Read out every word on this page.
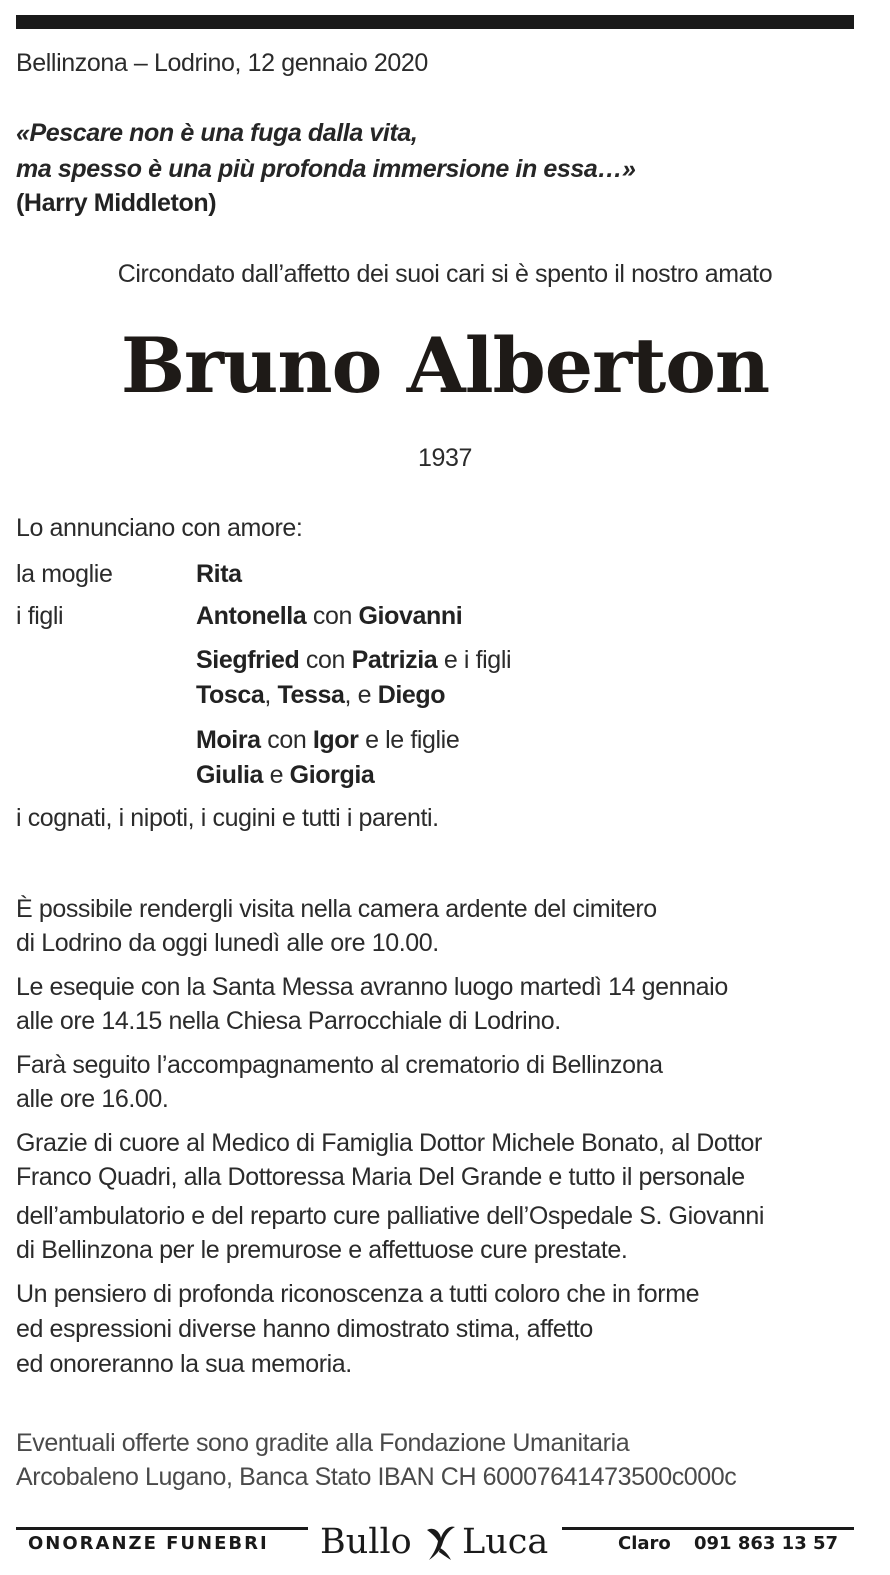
Bellinzona – Lodrino, 12 gennaio 2020
«Pescare non è una fuga dalla vita,
ma spesso è una più profonda immersione in essa…»
(Harry Middleton)
Circondato dall’affetto dei suoi cari si è spento il nostro amato
Bruno Alberton
1937
Lo annunciano con amore:
la moglie	Rita
i figli	Antonella con Giovanni
Siegfried con Patrizia e i figli
Tosca, Tessa, e Diego
Moira con Igor e le figlie
Giulia e Giorgia
i cognati, i nipoti, i cugini e tutti i parenti.
È possibile rendergli visita nella camera ardente del cimitero
di Lodrino da oggi lunedì alle ore 10.00.
Le esequie con la Santa Messa avranno luogo martedì 14 gennaio
alle ore 14.15 nella Chiesa Parrocchiale di Lodrino.
Farà seguito l’accompagnamento al crematorio di Bellinzona
alle ore 16.00.
Grazie di cuore al Medico di Famiglia Dottor Michele Bonato, al Dottor
Franco Quadri, alla Dottoressa Maria Del Grande e tutto il personale
dell’ambulatorio e del reparto cure palliative dell’Ospedale S. Giovanni
di Bellinzona per le premurose e affettuose cure prestate.
Un pensiero di profonda riconoscenza a tutti coloro che in forme
ed espressioni diverse hanno dimostrato stima, affetto
ed onoreranno la sua memoria.
Eventuali offerte sono gradite alla Fondazione Umanitaria
Arcobaleno Lugano, Banca Stato IBAN CH 60007641473500c000c
ONORANZE FUNEBRI Bullo Luca	Claro 091 863 13 57
